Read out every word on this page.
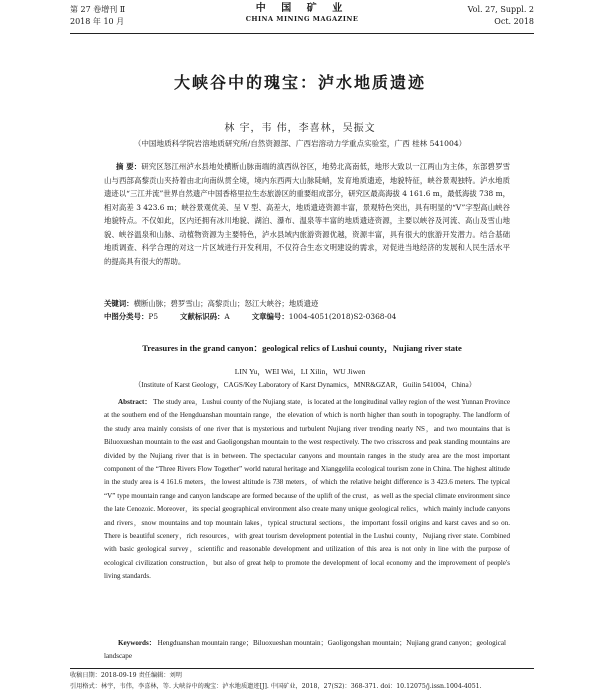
第 27 卷增刊 Ⅱ
2018 年 10 月
中 国 矿 业
CHINA MINING MAGAZINE
Vol. 27, Suppl. 2
Oct. 2018
大峡谷中的瑰宝：泸水地质遗迹
林 宇，韦 伟，李喜林，吴振文
（中国地质科学院岩溶地质研究所/自然资源部、广西岩溶动力学重点实验室，广西 桂林 541004）
摘 要：研究区怒江州泸水县地处横断山脉南端的滇西纵谷区，地势北高南低，地形大致以一江两山为主体，东部碧罗雪山与西部高黎贡山夹持着由北向南纵贯全境，境内东西两大山脉陡峭，发育地质遗迹，地貌特征，峡谷景观独特。泸水地质遗迹以“三江并流”世界自然遗产中国香格里拉生态旅游区的重要组成部分，研究区最高海拔 4 161.6 m，最低海拔 738 m，相对高差 3 423.6 m；峡谷景观优美、呈 V 型、高差大，地质遗迹资源丰富，景观特色突出，具有明显的“V”字型高山峡谷地貌特点。不仅如此，区内还拥有冰川地貌、湖泊、瀑布、温泉等丰富的地质遗迹资源，主要以峡谷及河流、高山及雪山地貌、峡谷温泉和山脉、动植物资源为主要特色，泸水县域内旅游资源优越，资源丰富，具有很大的旅游开发潜力。结合基础地质调查、科学合理的对这一片区域进行开发利用，不仅符合生态文明建设的需求，对促进当地经济的发展和人民生活水平的提高具有很大的帮助。
关键词：横断山脉；碧罗雪山；高黎贡山；怒江大峡谷；地质遗迹
中图分类号：P5	文献标识码：A	文章编号：1004-4051(2018)S2-0368-04
Treasures in the grand canyon：geological relics of Lushui county，Nujiang river state
LIN Yu，WEI Wei，LI Xilin，WU Jiwen
（Institute of Karst Geology，CAGS/Key Laboratory of Karst Dynamics，MNR&GZAR，Guilin 541004，China）
Abstract： The study area，Lushui county of the Nujiang state，is located at the longitudinal valley region of the west Yunnan Province at the southern end of the Hengduanshan mountain range，the elevation of which is north higher than south in topography. The landform of the study area mainly consists of one river that is mysterious and turbulent Nujiang river trending nearly NS，and two mountains that is Biluoxueshan mountain to the east and Gaoligongshan mountain to the west respectively. The two crisscross and peak standing mountains are divided by the Nujiang river that is in between. The spectacular canyons and mountain ranges in the study area are the most important component of the “Three Rivers Flow Together” world natural heritage and Xianggelila ecological tourism zone in China. The highest altitude in the study area is 4 161.6 meters，the lowest altitude is 738 meters，of which the relative height difference is 3 423.6 meters. The typical “V” type mountain range and canyon landscape are formed because of the uplift of the crust，as well as the special climate environment since the late Cenozoic. Moreover，its special geographical environment also create many unique geological relics，which mainly include canyons and rivers，snow mountains and top mountain lakes，typical structural sections，the important fossil origins and karst caves and so on. There is beautiful scenery，rich resources，with great tourism development potential in the Lushui county，Nujiang river state. Combined with basic geological survey，scientific and reasonable development and utilization of this area is not only in line with the purpose of ecological civilization construction，but also of great help to promote the development of local economy and the improvement of people's living standards.
Keywords： Hengduanshan mountain range；Biluoxueshan mountain；Gaoligongshan mountain；Nujiang grand canyon；geological landscape
收稿日期：2018-09-19 责任编辑：刘明
引用格式：林宇，韦伟，李喜林，等. 大峡谷中的瑰宝：泸水地质遗迹[J]. 中国矿业，2018，27(S2)：368-371. doi：10.12075/j.issn.1004-4051.
